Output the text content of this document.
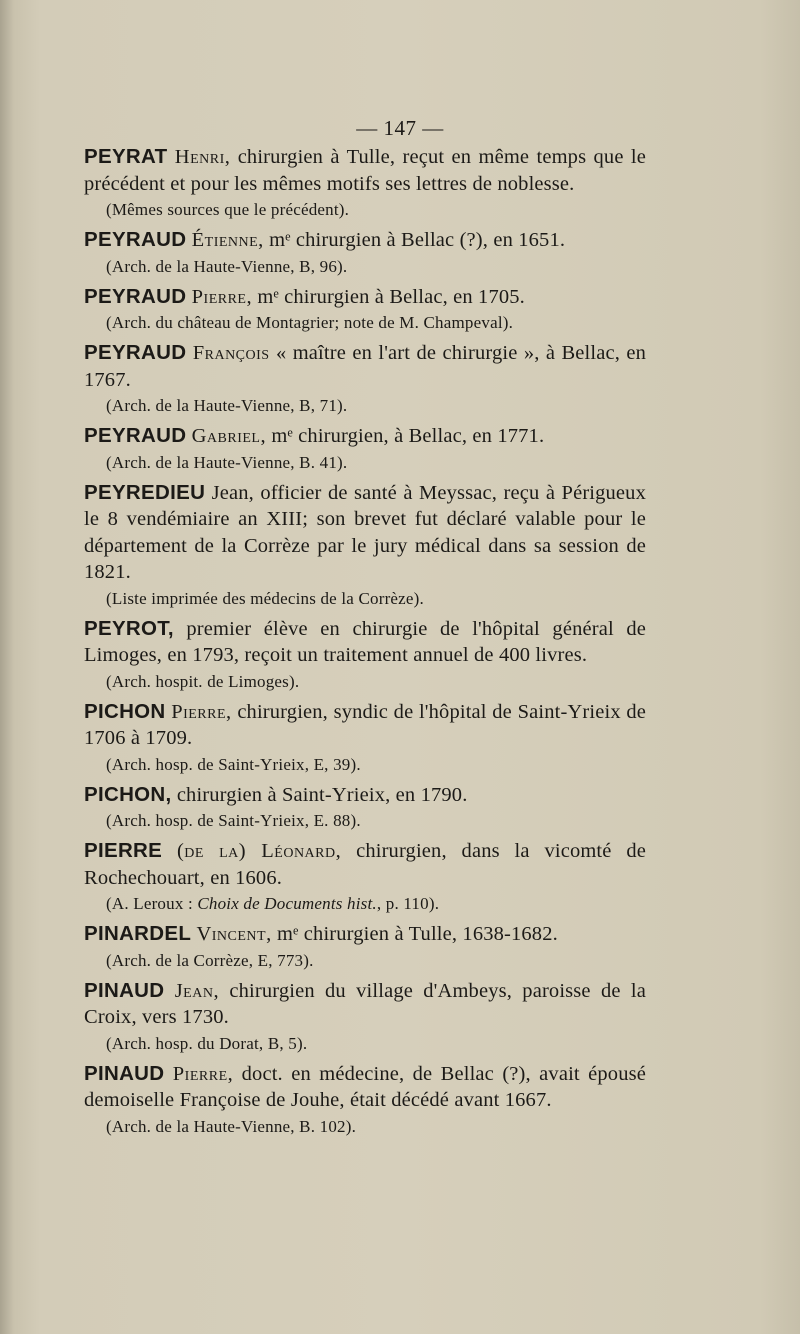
— 147 —

PEYRAT Henri, chirurgien à Tulle, reçut en même temps que le précédent et pour les mêmes motifs ses lettres de noblesse.

(Mêmes sources que le précédent).

PEYRAUD Étienne, mᵉ chirurgien à Bellac (?), en 1651.

(Arch. de la Haute-Vienne, B, 96).

PEYRAUD Pierre, mᵉ chirurgien à Bellac, en 1705.

(Arch. du château de Montagrier; note de M. Champeval).

PEYRAUD François « maître en l'art de chirurgie », à Bellac, en 1767.

(Arch. de la Haute-Vienne, B, 71).

PEYRAUD Gabriel, mᵉ chirurgien, à Bellac, en 1771.

(Arch. de la Haute-Vienne, B. 41).

PEYREDIEU Jean, officier de santé à Meyssac, reçu à Périgueux le 8 vendémiaire an XIII; son brevet fut déclaré valable pour le département de la Corrèze par le jury médical dans sa session de 1821.

(Liste imprimée des médecins de la Corrèze).

PEYROT, premier élève en chirurgie de l'hôpital général de Limoges, en 1793, reçoit un traitement annuel de 400 livres.

(Arch. hospit. de Limoges).

PICHON Pierre, chirurgien, syndic de l'hôpital de Saint-Yrieix de 1706 à 1709.

(Arch. hosp. de Saint-Yrieix, E, 39).

PICHON, chirurgien à Saint-Yrieix, en 1790.

(Arch. hosp. de Saint-Yrieix, E. 88).

PIERRE (de la) Léonard, chirurgien, dans la vicomté de Rochechouart, en 1606.

(A. Leroux : Choix de Documents hist., p. 110).

PINARDEL Vincent, mᵉ chirurgien à Tulle, 1638-1682.

(Arch. de la Corrèze, E, 773).

PINAUD Jean, chirurgien du village d'Ambeys, paroisse de la Croix, vers 1730.

(Arch. hosp. du Dorat, B, 5).

PINAUD Pierre, doct. en médecine, de Bellac (?), avait épousé demoiselle Françoise de Jouhe, était décédé avant 1667.

(Arch. de la Haute-Vienne, B. 102).
